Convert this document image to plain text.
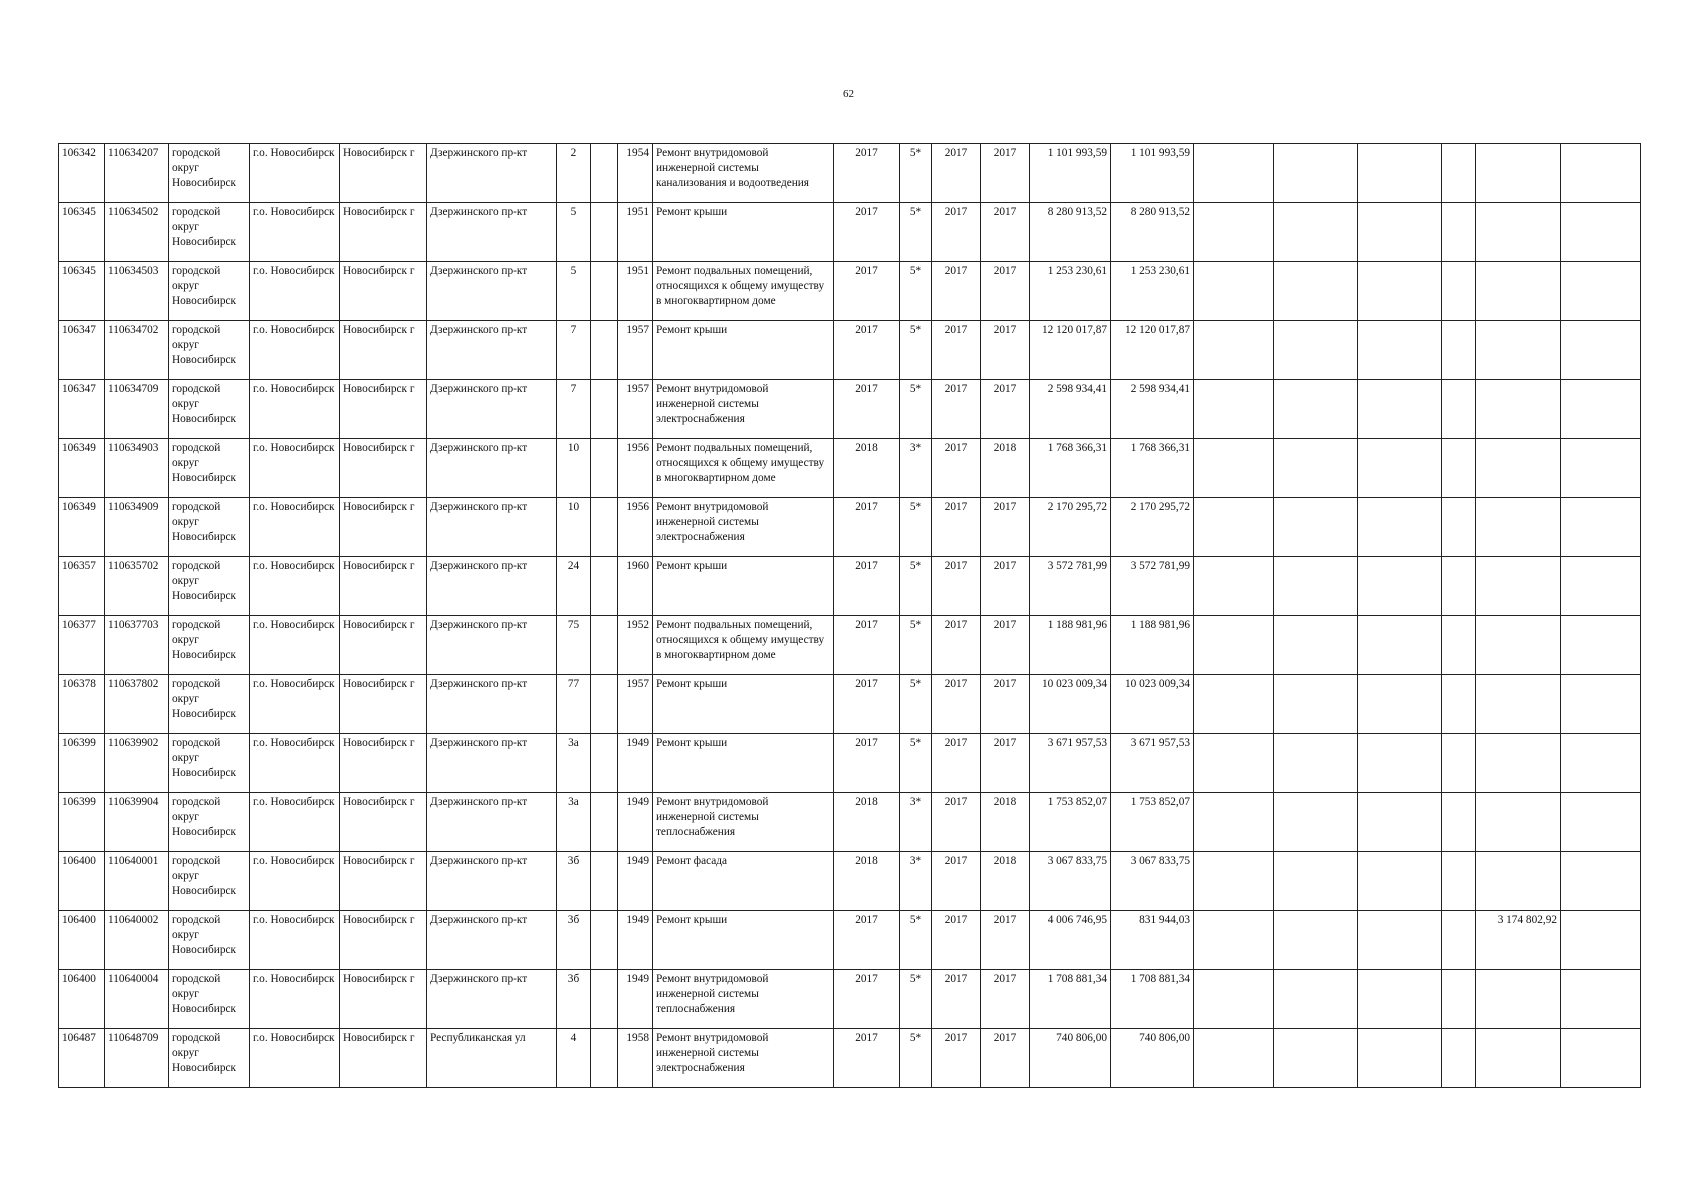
62
106342	110634207	городской округ Новосибирск	г.о. Новосибирск	Новосибирск г	Дзержинского пр-кт	2		1954	Ремонт внутридомовой инженерной системы канализования и водоотведения	2017	5*	2017	2017	1 101 993,59	1 101 993,59						
106345	110634502	городской округ Новосибирск	г.о. Новосибирск	Новосибирск г	Дзержинского пр-кт	5		1951	Ремонт крыши	2017	5*	2017	2017	8 280 913,52	8 280 913,52						
106345	110634503	городской округ Новосибирск	г.о. Новосибирск	Новосибирск г	Дзержинского пр-кт	5		1951	Ремонт подвальных помещений, относящихся к общему имуществу в многоквартирном доме	2017	5*	2017	2017	1 253 230,61	1 253 230,61						
106347	110634702	городской округ Новосибирск	г.о. Новосибирск	Новосибирск г	Дзержинского пр-кт	7		1957	Ремонт крыши	2017	5*	2017	2017	12 120 017,87	12 120 017,87						
106347	110634709	городской округ Новосибирск	г.о. Новосибирск	Новосибирск г	Дзержинского пр-кт	7		1957	Ремонт внутридомовой инженерной системы электроснабжения	2017	5*	2017	2017	2 598 934,41	2 598 934,41						
106349	110634903	городской округ Новосибирск	г.о. Новосибирск	Новосибирск г	Дзержинского пр-кт	10		1956	Ремонт подвальных помещений, относящихся к общему имуществу в многоквартирном доме	2018	3*	2017	2018	1 768 366,31	1 768 366,31						
106349	110634909	городской округ Новосибирск	г.о. Новосибирск	Новосибирск г	Дзержинского пр-кт	10		1956	Ремонт внутридомовой инженерной системы электроснабжения	2017	5*	2017	2017	2 170 295,72	2 170 295,72						
106357	110635702	городской округ Новосибирск	г.о. Новосибирск	Новосибирск г	Дзержинского пр-кт	24		1960	Ремонт крыши	2017	5*	2017	2017	3 572 781,99	3 572 781,99						
106377	110637703	городской округ Новосибирск	г.о. Новосибирск	Новосибирск г	Дзержинского пр-кт	75		1952	Ремонт подвальных помещений, относящихся к общему имуществу в многоквартирном доме	2017	5*	2017	2017	1 188 981,96	1 188 981,96						
106378	110637802	городской округ Новосибирск	г.о. Новосибирск	Новосибирск г	Дзержинского пр-кт	77		1957	Ремонт крыши	2017	5*	2017	2017	10 023 009,34	10 023 009,34						
106399	110639902	городской округ Новосибирск	г.о. Новосибирск	Новосибирск г	Дзержинского пр-кт	3а		1949	Ремонт крыши	2017	5*	2017	2017	3 671 957,53	3 671 957,53						
106399	110639904	городской округ Новосибирск	г.о. Новосибирск	Новосибирск г	Дзержинского пр-кт	3а		1949	Ремонт внутридомовой инженерной системы теплоснабжения	2018	3*	2017	2018	1 753 852,07	1 753 852,07						
106400	110640001	городской округ Новосибирск	г.о. Новосибирск	Новосибирск г	Дзержинского пр-кт	3б		1949	Ремонт фасада	2018	3*	2017	2018	3 067 833,75	3 067 833,75						
106400	110640002	городской округ Новосибирск	г.о. Новосибирск	Новосибирск г	Дзержинского пр-кт	3б		1949	Ремонт крыши	2017	5*	2017	2017	4 006 746,95	831 944,03					3 174 802,92	
106400	110640004	городской округ Новосибирск	г.о. Новосибирск	Новосибирск г	Дзержинского пр-кт	3б		1949	Ремонт внутридомовой инженерной системы теплоснабжения	2017	5*	2017	2017	1 708 881,34	1 708 881,34						
106487	110648709	городской округ Новосибирск	г.о. Новосибирск	Новосибирск г	Республиканская ул	4		1958	Ремонт внутридомовой инженерной системы электроснабжения	2017	5*	2017	2017	740 806,00	740 806,00						
